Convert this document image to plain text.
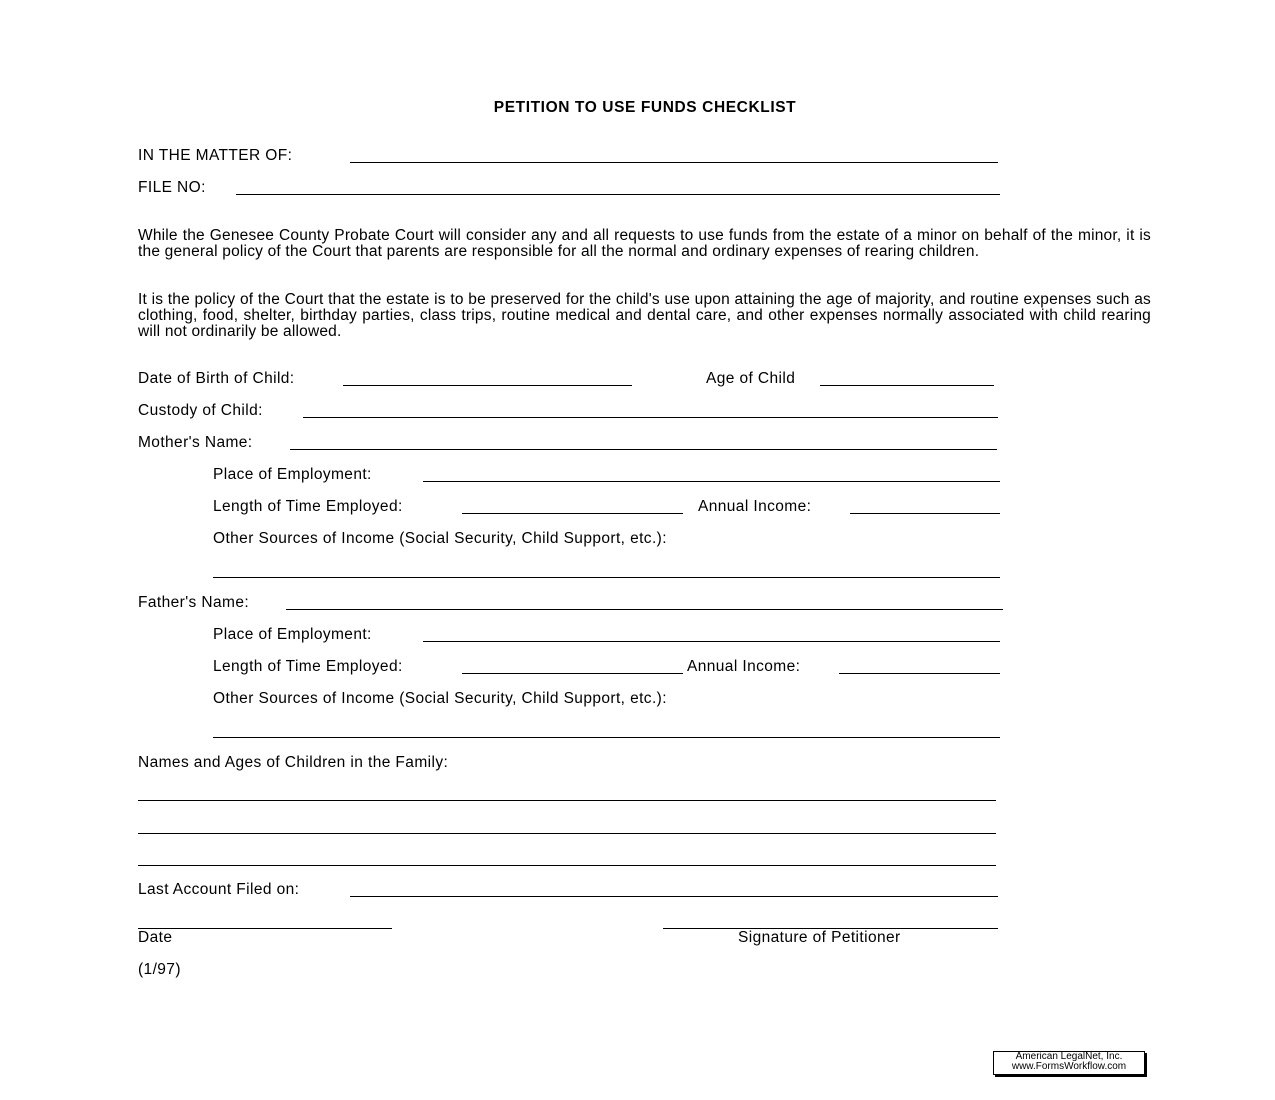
PETITION TO USE FUNDS CHECKLIST
IN THE MATTER OF:
FILE NO:
While the Genesee County Probate Court will consider any and all requests to use funds from the estate of a minor on behalf of the minor, it is the general policy of the Court that parents are responsible for all the normal and ordinary expenses of rearing children.
It is the policy of the Court that the estate is to be preserved for the child's use upon attaining the age of majority, and routine expenses such as clothing, food, shelter, birthday parties, class trips, routine medical and dental care, and other expenses normally associated with child rearing will not ordinarily be allowed.
Date of Birth of Child:	Age of Child
Custody of Child:
Mother's Name:
Place of Employment:
Length of Time Employed:	Annual Income:
Other Sources of Income (Social Security, Child Support, etc.):
Father's Name:
Place of Employment:
Length of Time Employed:	Annual Income:
Other Sources of Income (Social Security, Child Support, etc.):
Names and Ages of Children in the Family:
Last Account Filed on:
Date	Signature of Petitioner
(1/97)
American LegalNet, Inc.
www.FormsWorkflow.com
